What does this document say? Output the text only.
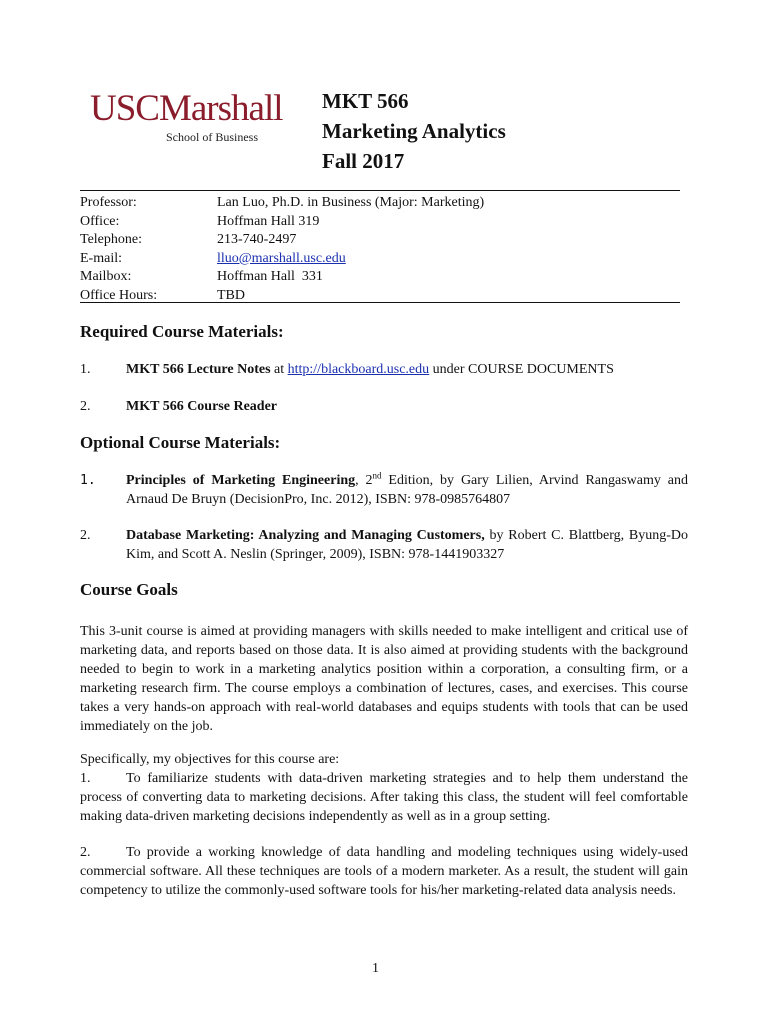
USCMarshall
School of Business
MKT 566
Marketing Analytics
Fall 2017
Professor:	Lan Luo, Ph.D. in Business (Major: Marketing)
Office:	Hoffman Hall 319
Telephone:	213-740-2497
E-mail:	lluo@marshall.usc.edu
Mailbox:	Hoffman Hall  331
Office Hours:	TBD
Required Course Materials:
1.	MKT 566 Lecture Notes at http://blackboard.usc.edu under COURSE DOCUMENTS
2.	MKT 566 Course Reader
Optional Course Materials:
1.	Principles of Marketing Engineering, 2nd Edition, by Gary Lilien, Arvind Rangaswamy and Arnaud De Bruyn (DecisionPro, Inc. 2012), ISBN: 978-0985764807
2.	Database Marketing: Analyzing and Managing Customers, by Robert C. Blattberg, Byung-Do Kim, and Scott A. Neslin (Springer, 2009), ISBN: 978-1441903327
Course Goals
This 3-unit course is aimed at providing managers with skills needed to make intelligent and critical use of marketing data, and reports based on those data. It is also aimed at providing students with the background needed to begin to work in a marketing analytics position within a corporation, a consulting firm, or a marketing research firm. The course employs a combination of lectures, cases, and exercises. This course takes a very hands-on approach with real-world databases and equips students with tools that can be used immediately on the job.
Specifically, my objectives for this course are:
1.	To familiarize students with data-driven marketing strategies and to help them understand the process of converting data to marketing decisions. After taking this class, the student will feel comfortable making data-driven marketing decisions independently as well as in a group setting.
2.	To provide a working knowledge of data handling and modeling techniques using widely-used commercial software. All these techniques are tools of a modern marketer. As a result, the student will gain competency to utilize the commonly-used software tools for his/her marketing-related data analysis needs.
1
